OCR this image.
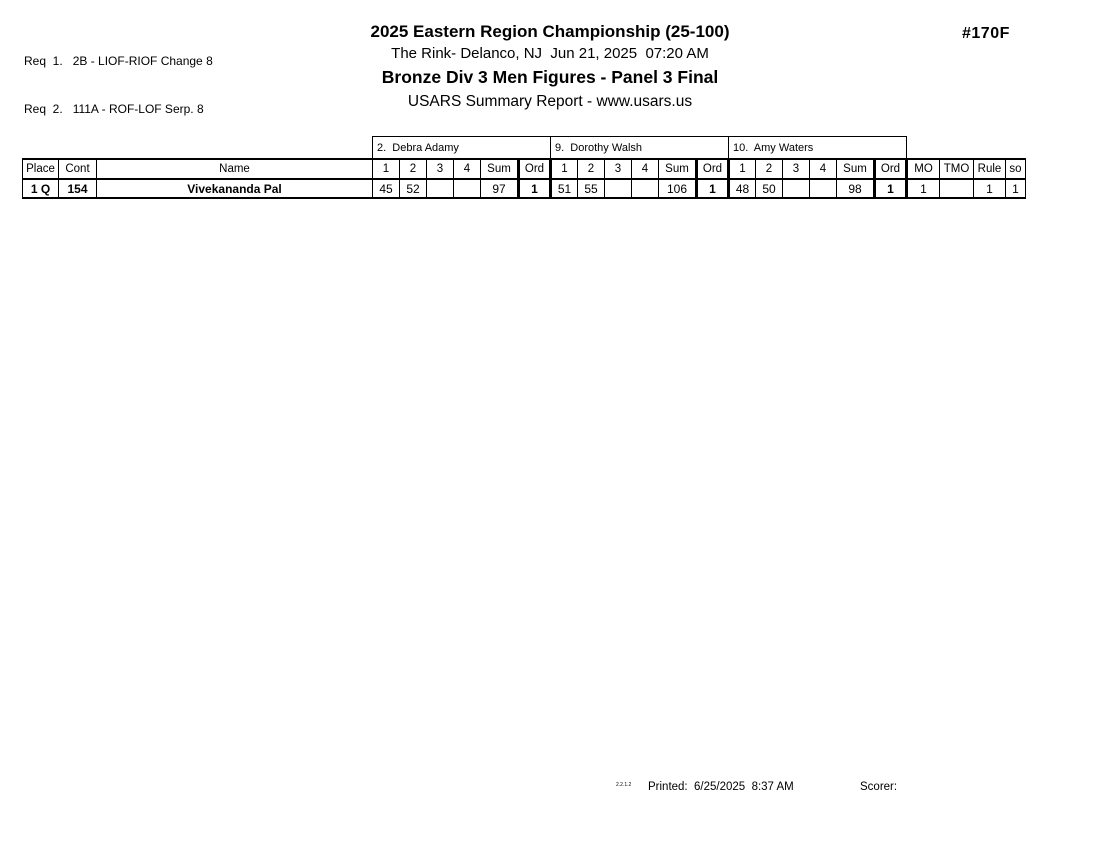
Req  1.   2B - LIOF-RIOF Change 8

Req  2.   111A - ROF-LOF Serp. 8

2025 Eastern Region Championship (25-100)
The Rink- Delanco, NJ  Jun 21, 2025  07:20 AM
Bronze Div 3 Men Figures - Panel 3 Final
USARS Summary Report - www.usars.us
#170F
			2.  Debra Adamy						9.  Dorothy Walsh						10.  Amy Waters									
Place	Cont	Name	1	2	3	4	Sum	Ord	1	2	3	4	Sum	Ord	1	2	3	4	Sum	Ord	MO	TMO	Rule	so
1 Q	154	Vivekananda Pal	45	52			97	1	51	55			106	1	48	50			98	1	1		1	1
2.2.1.2 Printed:  6/25/2025  8:37 AM	Scorer:
